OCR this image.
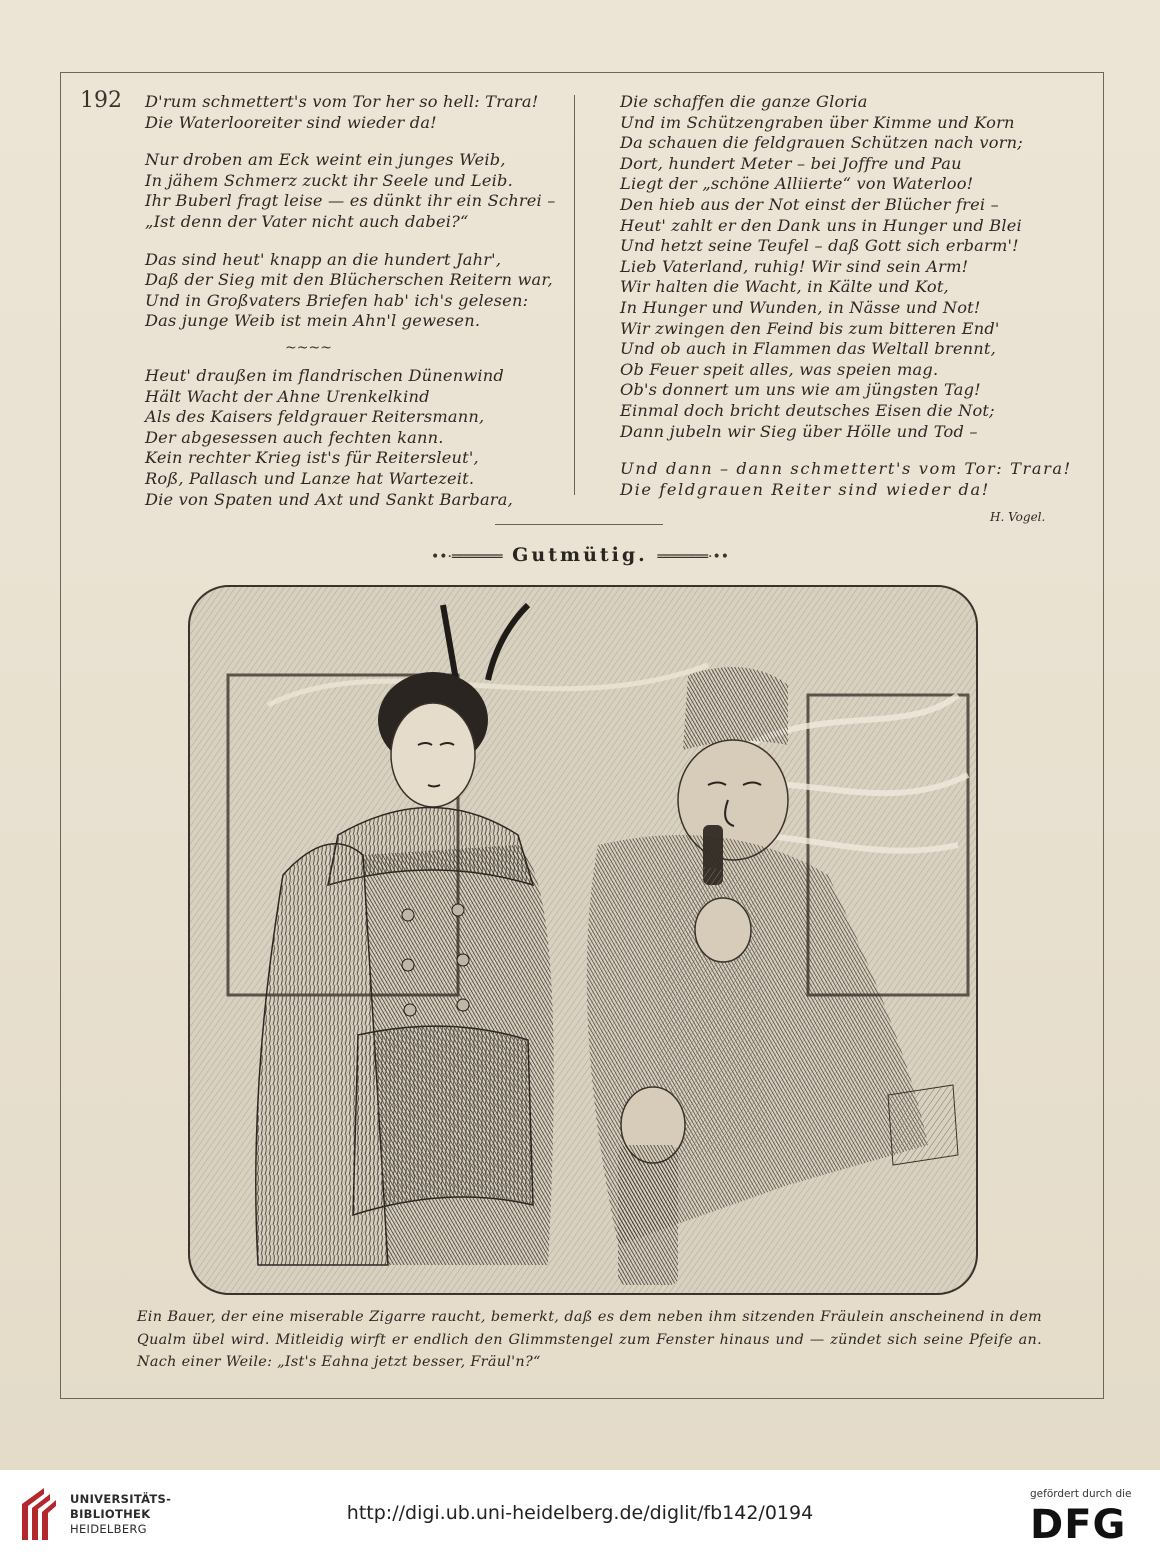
192 D'rum schmettert's vom Tor her so hell: Trara!
Die Waterlooreiter sind wieder da!
Nur droben am Eck weint ein junges Weib,
In jähem Schmerz zuckt ihr Seele und Leib.
Ihr Buberl fragt leise — es dünkt ihr ein Schrei –
„Ist denn der Vater nicht auch dabei?“
Das sind heut' knapp an die hundert Jahr',
Daß der Sieg mit den Blücherschen Reitern war,
Und in Großvaters Briefen hab' ich's gelesen:
Das junge Weib ist mein Ahn'l gewesen.
Heut' draußen im flandrischen Dünenwind
Hält Wacht der Ahne Urenkelkind
Als des Kaisers feldgrauer Reitersmann,
Der abgesessen auch fechten kann.
Kein rechter Krieg ist's für Reitersleut',
Roß, Pallasch und Lanze hat Wartezeit.
Die von Spaten und Axt und Sankt Barbara,
~~~~
Die schaffen die ganze Gloria
Und im Schützengraben über Kimme und Korn
Da schauen die feldgrauen Schützen nach vorn;
Dort, hundert Meter – bei Joffre und Pau
Liegt der „schöne Alliierte“ von Waterloo!
Den hieb aus der Not einst der Blücher frei –
Heut' zahlt er den Dank uns in Hunger und Blei
Und hetzt seine Teufel – daß Gott sich erbarm'!
Lieb Vaterland, ruhig! Wir sind sein Arm!
Wir halten die Wacht, in Kälte und Kot,
In Hunger und Wunden, in Nässe und Not!
Wir zwingen den Feind bis zum bitteren End'
Und ob auch in Flammen das Weltall brennt,
Ob Feuer speit alles, was speien mag.
Ob's donnert um uns wie am jüngsten Tag!
Einmal doch bricht deutsches Eisen die Not;
Dann jubeln wir Sieg über Hölle und Tod –
Und dann – dann schmettert's vom Tor: Trara!
Die feldgrauen Reiter sind wieder da!
H. Vogel.
••·══════ Gutmütig. ══════·••
Ein Bauer, der eine miserable Zigarre raucht, bemerkt, daß es dem neben ihm sitzenden Fräulein anscheinend in dem Qualm übel wird. Mitleidig wirft er endlich den Glimmstengel zum Fenster hinaus und — zündet sich seine Pfeife an. Nach einer Weile: „Ist's Eahna jetzt besser, Fräul'n?“
UNIVERSITÄTS-
BIBLIOTHEK
HEIDELBERG
http://digi.ub.uni-heidelberg.de/diglit/fb142/0194
gefördert durch die
DFG
